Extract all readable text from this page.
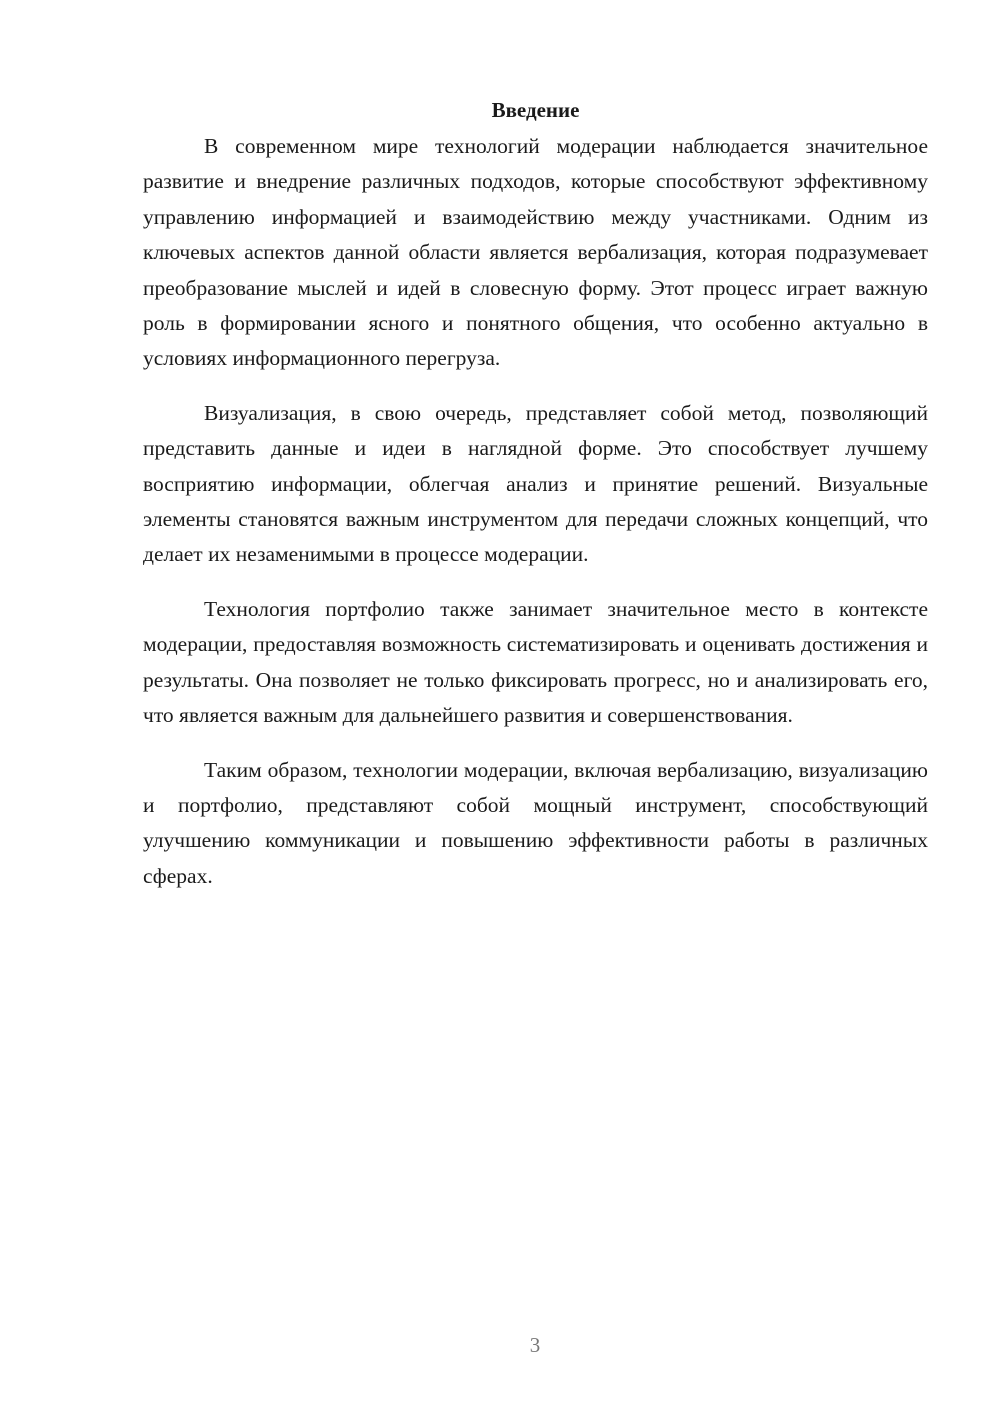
Введение

В современном мире технологий модерации наблюдается значительное развитие и внедрение различных подходов, которые способствуют эффективному управлению информацией и взаимодействию между участниками. Одним из ключевых аспектов данной области является вербализация, которая подразумевает преобразование мыслей и идей в словесную форму. Этот процесс играет важную роль в формировании ясного и понятного общения, что особенно актуально в условиях информационного перегруза.

Визуализация, в свою очередь, представляет собой метод, позволяющий представить данные и идеи в наглядной форме. Это способствует лучшему восприятию информации, облегчая анализ и принятие решений. Визуальные элементы становятся важным инструментом для передачи сложных концепций, что делает их незаменимыми в процессе модерации.

Технология портфолио также занимает значительное место в контексте модерации, предоставляя возможность систематизировать и оценивать достижения и результаты. Она позволяет не только фиксировать прогресс, но и анализировать его, что является важным для дальнейшего развития и совершенствования.

Таким образом, технологии модерации, включая вербализацию, визуализацию и портфолио, представляют собой мощный инструмент, способствующий улучшению коммуникации и повышению эффективности работы в различных сферах.

3
